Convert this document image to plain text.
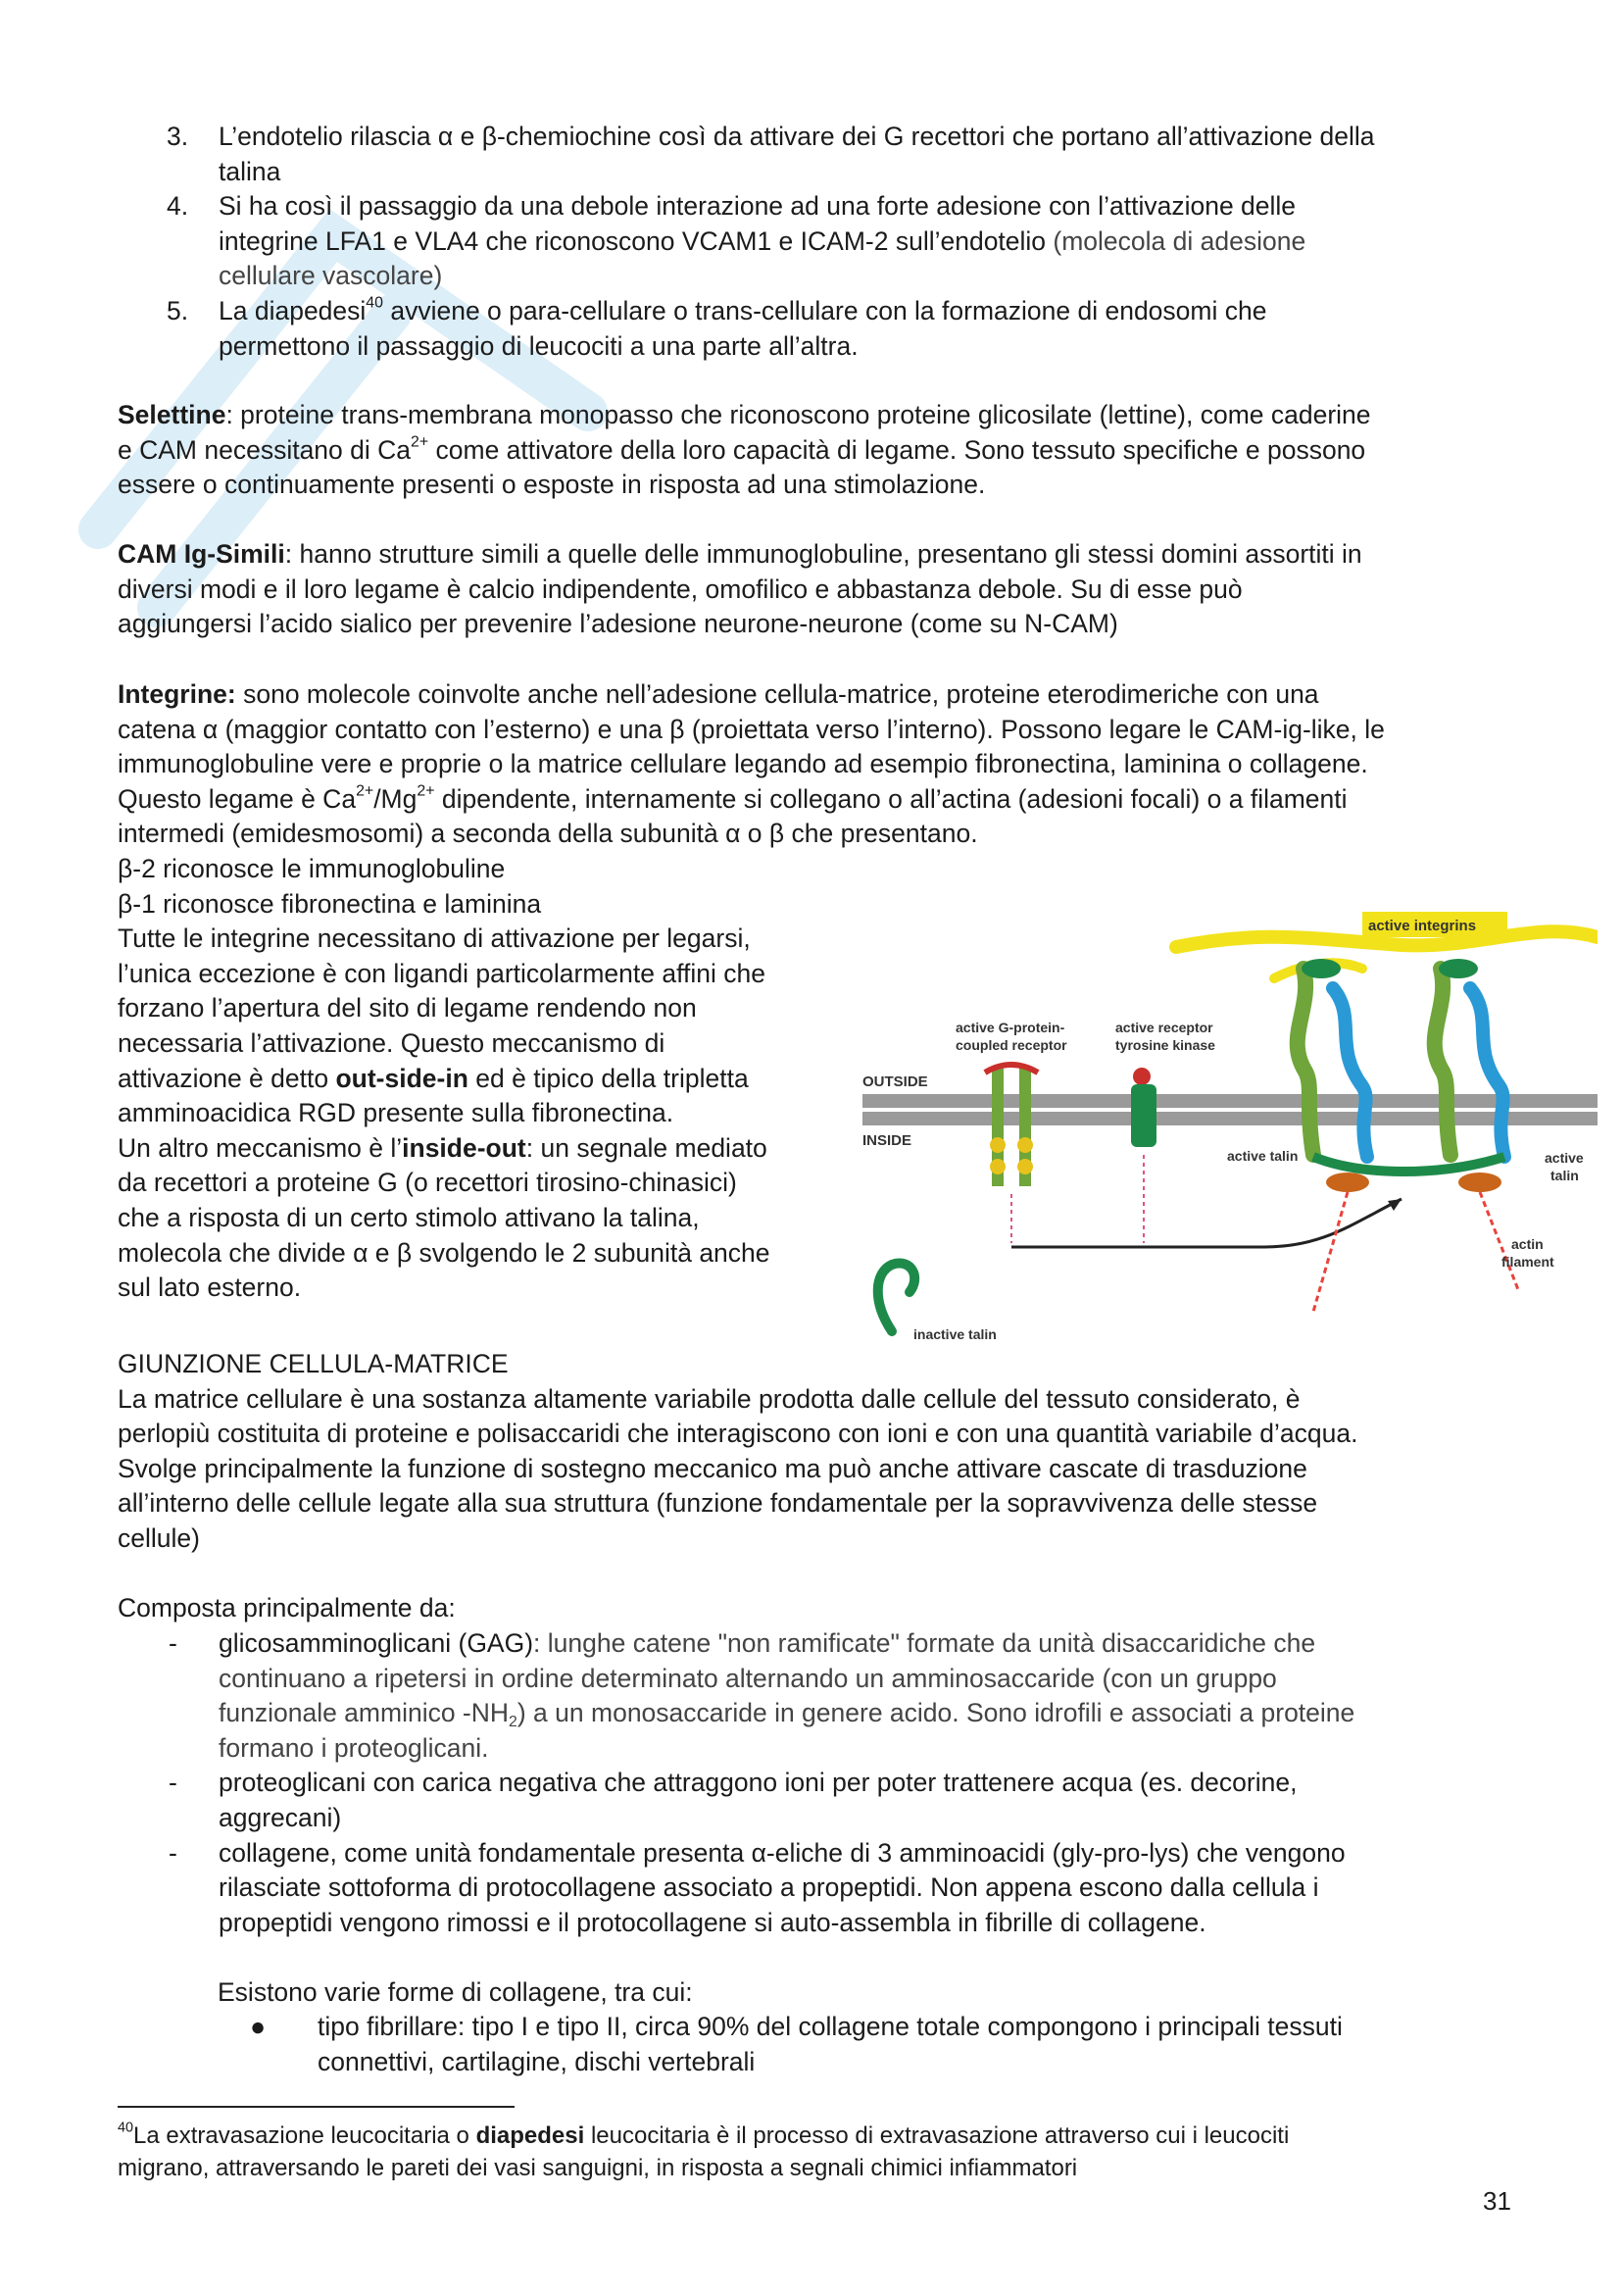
3. L’endotelio rilascia α e β-chemiochine così da attivare dei G recettori che portano all’attivazione della
talina
4. Si ha così il passaggio da una debole interazione ad una forte adesione con l’attivazione delle
integrine LFA1 e VLA4 che riconoscono VCAM1 e ICAM-2 sull’endotelio (molecola di adesione
cellulare vascolare)
5. La diapedesi$^{40}$ avviene o para-cellulare o trans-cellulare con la formazione di endosomi che
permettono il passaggio di leucociti a una parte all’altra.

Selettine: proteine trans-membrana monopasso che riconoscono proteine glicosilate (lettine), come caderine
e CAM necessitano di $Ca^{2+}$ come attivatore della loro capacità di legame. Sono tessuto specifiche e possono
essere o continuamente presenti o esposte in risposta ad una stimolazione.

CAM Ig-Simili: hanno strutture simili a quelle delle immunoglobuline, presentano gli stessi domini assortiti in
diversi modi e il loro legame è calcio indipendente, omofilico e abbastanza debole. Su di esse può
aggiungersi l’acido sialico per prevenire l’adesione neurone-neurone (come su N-CAM)

Integrine: sono molecole coinvolte anche nell’adesione cellula-matrice, proteine eterodimeriche con una
catena α (maggior contatto con l’esterno) e una β (proiettata verso l’interno). Possono legare le CAM-ig-like, le
immunoglobuline vere e proprie o la matrice cellulare legando ad esempio fibronectina, laminina o collagene.
Questo legame è $Ca^{2+}/Mg^{2+}$ dipendente, internamente si collegano o all’actina (adesioni focali) o a filamenti
intermedi (emidesmosomi) a seconda della subunità α o β che presentano.
β-2 riconosce le immunoglobuline
β-1 riconosce fibronectina e laminina
Tutte le integrine necessitano di attivazione per legarsi,
l’unica eccezione è con ligandi particolarmente affini che
forzano l’apertura del sito di legame rendendo non
necessaria l’attivazione. Questo meccanismo di
attivazione è detto out-side-in ed è tipico della tripletta
amminoacidica RGD presente sulla fibronectina.
Un altro meccanismo è l’inside-out: un segnale mediato
da recettori a proteine G (o recettori tirosino-chinasici)
che a risposta di un certo stimolo attivano la talina,
molecola che divide α e β svolgendo le 2 subunità anche
sul lato esterno.

active integrins
OUTSIDE
INSIDE
active G-protein-
coupled receptor
active receptor
tyrosine kinase
active talin	active
talin
actin
filament
inactive talin

GIUNZIONE CELLULA-MATRICE
La matrice cellulare è una sostanza altamente variabile prodotta dalle cellule del tessuto considerato, è
perlopiù costituita di proteine e polisaccaridi che interagiscono con ioni e con una quantità variabile d’acqua.
Svolge principalmente la funzione di sostegno meccanico ma può anche attivare cascate di trasduzione
all’interno delle cellule legate alla sua struttura (funzione fondamentale per la sopravvivenza delle stesse
cellule)

Composta principalmente da:

- glicosamminoglicani (GAG): lunghe catene "non ramificate" formate da unità disaccaridiche che
continuano a ripetersi in ordine determinato alternando un amminosaccaride (con un gruppo
funzionale amminico $-NH_2$) a un monosaccaride in genere acido. Sono idrofili e associati a proteine
formano i proteoglicani.
- proteoglicani con carica negativa che attraggono ioni per poter trattenere acqua (es. decorine,
aggrecani)
- collagene, come unità fondamentale presenta α-eliche di 3 amminoacidi (gly-pro-lys) che vengono
rilasciate sottoforma di protocollagene associato a propeptidi. Non appena escono dalla cellula i
propeptidi vengono rimossi e il protocollagene si auto-assembla in fibrille di collagene.

Esistono varie forme di collagene, tra cui:

● tipo fibrillare: tipo I e tipo II, circa 90% del collagene totale compongono i principali tessuti
connettivi, cartilagine, dischi vertebrali
$^{40}$La extravasazione leucocitaria o diapedesi leucocitaria è il processo di extravasazione attraverso cui i leucociti
migrano, attraversando le pareti dei vasi sanguigni, in risposta a segnali chimici infiammatori
31
